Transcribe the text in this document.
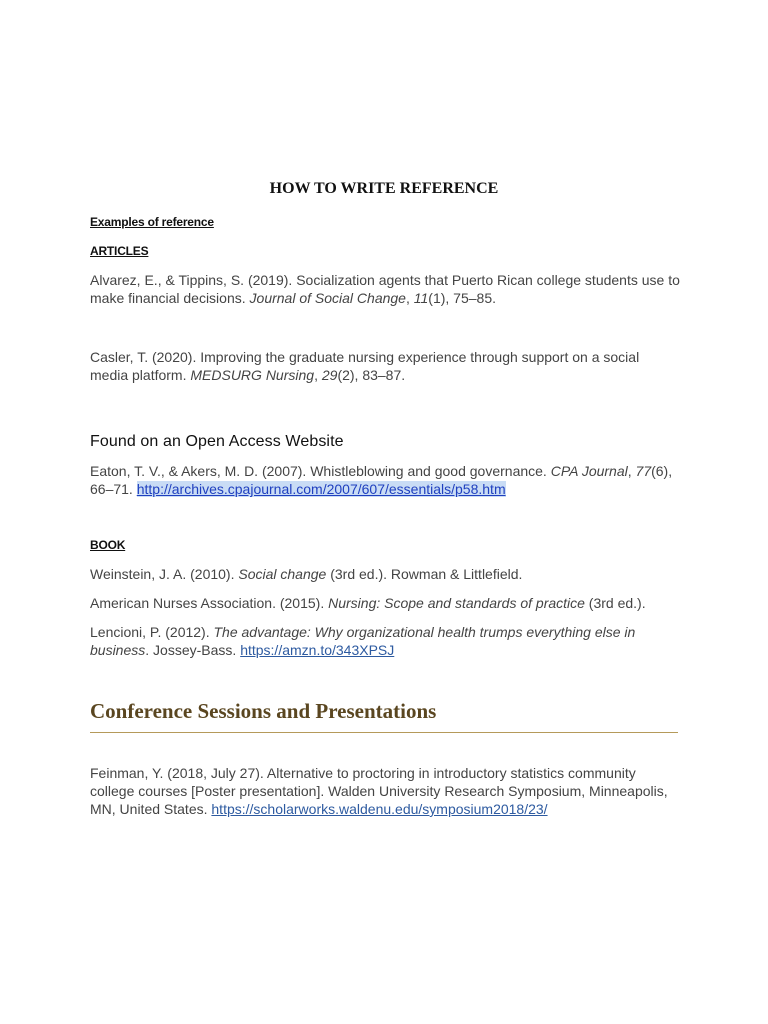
HOW TO WRITE REFERENCE
Examples of reference
ARTICLES
Alvarez, E., & Tippins, S. (2019). Socialization agents that Puerto Rican college students use to make financial decisions. Journal of Social Change, 11(1), 75–85.
Casler, T. (2020). Improving the graduate nursing experience through support on a social media platform. MEDSURG Nursing, 29(2), 83–87.
Found on an Open Access Website
Eaton, T. V., & Akers, M. D. (2007). Whistleblowing and good governance. CPA Journal, 77(6), 66–71. http://archives.cpajournal.com/2007/607/essentials/p58.htm
BOOK
Weinstein, J. A. (2010). Social change (3rd ed.). Rowman & Littlefield.
American Nurses Association. (2015). Nursing: Scope and standards of practice (3rd ed.).
Lencioni, P. (2012). The advantage: Why organizational health trumps everything else in business. Jossey-Bass. https://amzn.to/343XPSJ
Conference Sessions and Presentations
Feinman, Y. (2018, July 27). Alternative to proctoring in introductory statistics community college courses [Poster presentation]. Walden University Research Symposium, Minneapolis, MN, United States. https://scholarworks.waldenu.edu/symposium2018/23/
